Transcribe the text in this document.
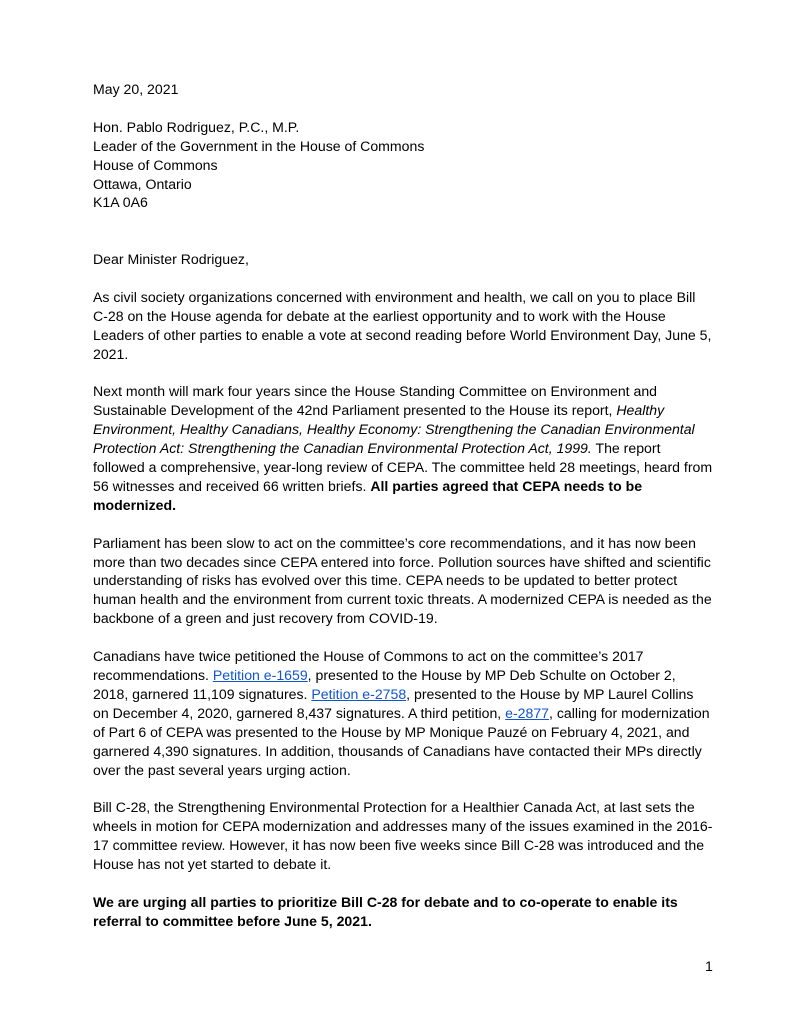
May 20, 2021

Hon. Pablo Rodriguez, P.C., M.P.

Leader of the Government in the House of Commons

House of Commons

Ottawa, Ontario

K1A 0A6

Dear Minister Rodriguez,

As civil society organizations concerned with environment and health, we call on you to place Bill C-28 on the House agenda for debate at the earliest opportunity and to work with the House Leaders of other parties to enable a vote at second reading before World Environment Day, June 5, 2021.

Next month will mark four years since the House Standing Committee on Environment and Sustainable Development of the 42nd Parliament presented to the House its report, Healthy Environment, Healthy Canadians, Healthy Economy: Strengthening the Canadian Environmental Protection Act: Strengthening the Canadian Environmental Protection Act, 1999. The report followed a comprehensive, year-long review of CEPA. The committee held 28 meetings, heard from 56 witnesses and received 66 written briefs. All parties agreed that CEPA needs to be modernized.

Parliament has been slow to act on the committee’s core recommendations, and it has now been more than two decades since CEPA entered into force. Pollution sources have shifted and scientific understanding of risks has evolved over this time. CEPA needs to be updated to better protect human health and the environment from current toxic threats. A modernized CEPA is needed as the backbone of a green and just recovery from COVID-19.

Canadians have twice petitioned the House of Commons to act on the committee’s 2017 recommendations. Petition e-1659, presented to the House by MP Deb Schulte on October 2, 2018, garnered 11,109 signatures. Petition e-2758, presented to the House by MP Laurel Collins on December 4, 2020, garnered 8,437 signatures. A third petition, e-2877, calling for modernization of Part 6 of CEPA was presented to the House by MP Monique Pauzé on February 4, 2021, and garnered 4,390 signatures. In addition, thousands of Canadians have contacted their MPs directly over the past several years urging action.

Bill C-28, the Strengthening Environmental Protection for a Healthier Canada Act, at last sets the wheels in motion for CEPA modernization and addresses many of the issues examined in the 2016-17 committee review. However, it has now been five weeks since Bill C-28 was introduced and the House has not yet started to debate it.

We are urging all parties to prioritize Bill C-28 for debate and to co-operate to enable its referral to committee before June 5, 2021.

1
